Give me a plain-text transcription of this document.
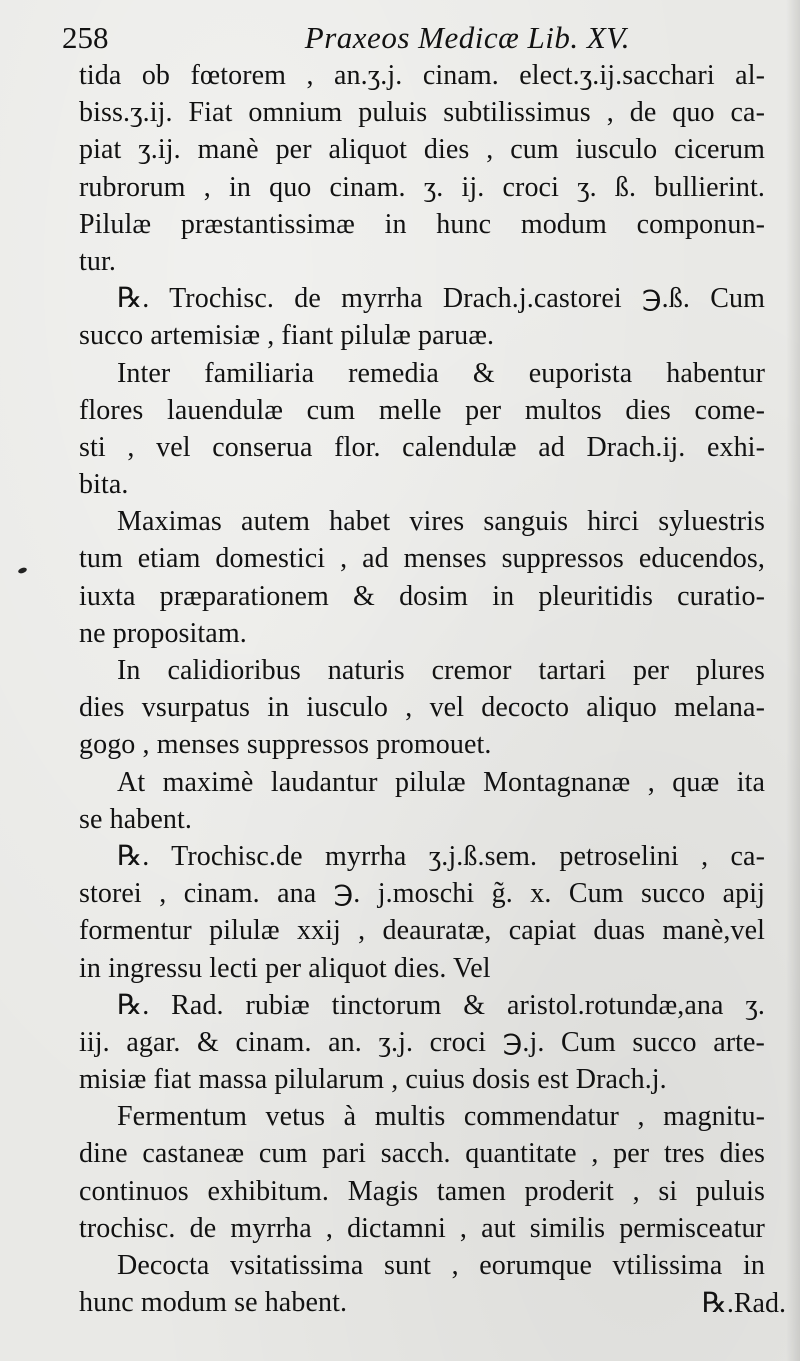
258	Praxeos Medicæ Lib. XV.
tida ob fœtorem , an.ʒ.j. cinam. elect.ʒ.ij.sacchari al-
biss.ʒ.ij. Fiat omnium puluis subtilissimus , de quo ca-
piat ʒ.ij. manè per aliquot dies , cum iusculo cicerum
rubrorum , in quo cinam. ʒ. ij. croci ʒ. ß. bullierint.
Pilulæ præstantissimæ in hunc modum componun-
tur.
℞. Trochisc. de myrrha Drach.j.castorei ℈.ß. Cum
succo artemisiæ , fiant pilulæ paruæ.
Inter familiaria remedia & euporista habentur
flores lauendulæ cum melle per multos dies come-
sti , vel conserua flor. calendulæ ad Drach.ij. exhi-
bita.
Maximas autem habet vires sanguis hirci syluestris
tum etiam domestici , ad menses suppressos educendos,
iuxta præparationem & dosim in pleuritidis curatio-
ne propositam.
In calidioribus naturis cremor tartari per plures
dies vsurpatus in iusculo , vel decocto aliquo melana-
gogo , menses suppressos promouet.
At maximè laudantur pilulæ Montagnanæ , quæ ita
se habent.
℞. Trochisc.de myrrha ʒ.j.ß.sem. petroselini , ca-
storei , cinam. ana ℈. j.moschi g̃. x. Cum succo apij
formentur pilulæ xxij , deauratæ, capiat duas manè,vel
in ingressu lecti per aliquot dies. Vel
℞. Rad. rubiæ tinctorum & aristol.rotundæ,ana ʒ.
iij. agar. & cinam. an. ʒ.j. croci ℈.j. Cum succo arte-
misiæ fiat massa pilularum , cuius dosis est Drach.j.
Fermentum vetus à multis commendatur , magnitu-
dine castaneæ cum pari sacch. quantitate , per tres dies
continuos exhibitum. Magis tamen proderit , si puluis
trochisc. de myrrha , dictamni , aut similis permisceatur
Decocta vsitatissima sunt , eorumque vtilissima in
hunc modum se habent.	℞.Rad.
